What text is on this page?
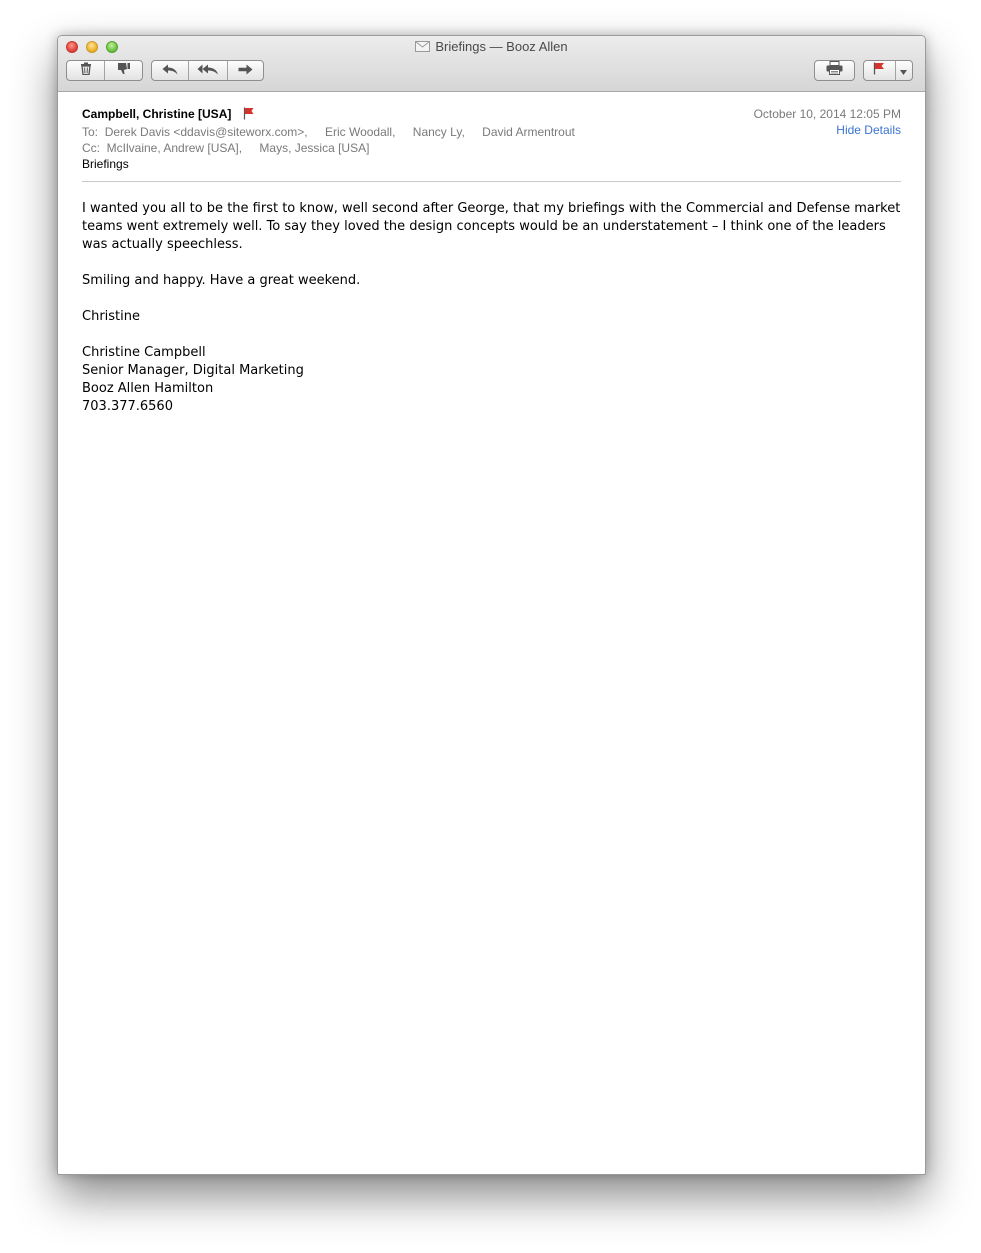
Briefings — Booz Allen
Campbell, Christine [USA]
To: Derek Davis <ddavis@siteworx.com>, Eric Woodall, Nancy Ly, David Armentrout
Cc: McIlvaine, Andrew [USA], Mays, Jessica [USA]
Briefings
October 10, 2014 12:05 PM
Hide Details

I wanted you all to be the first to know, well second after George, that my briefings with the Commercial and Defense market teams went extremely well. To say they loved the design concepts would be an understatement – I think one of the leaders was actually speechless.

Smiling and happy. Have a great weekend.

Christine

Christine Campbell
Senior Manager, Digital Marketing
Booz Allen Hamilton
703.377.6560
